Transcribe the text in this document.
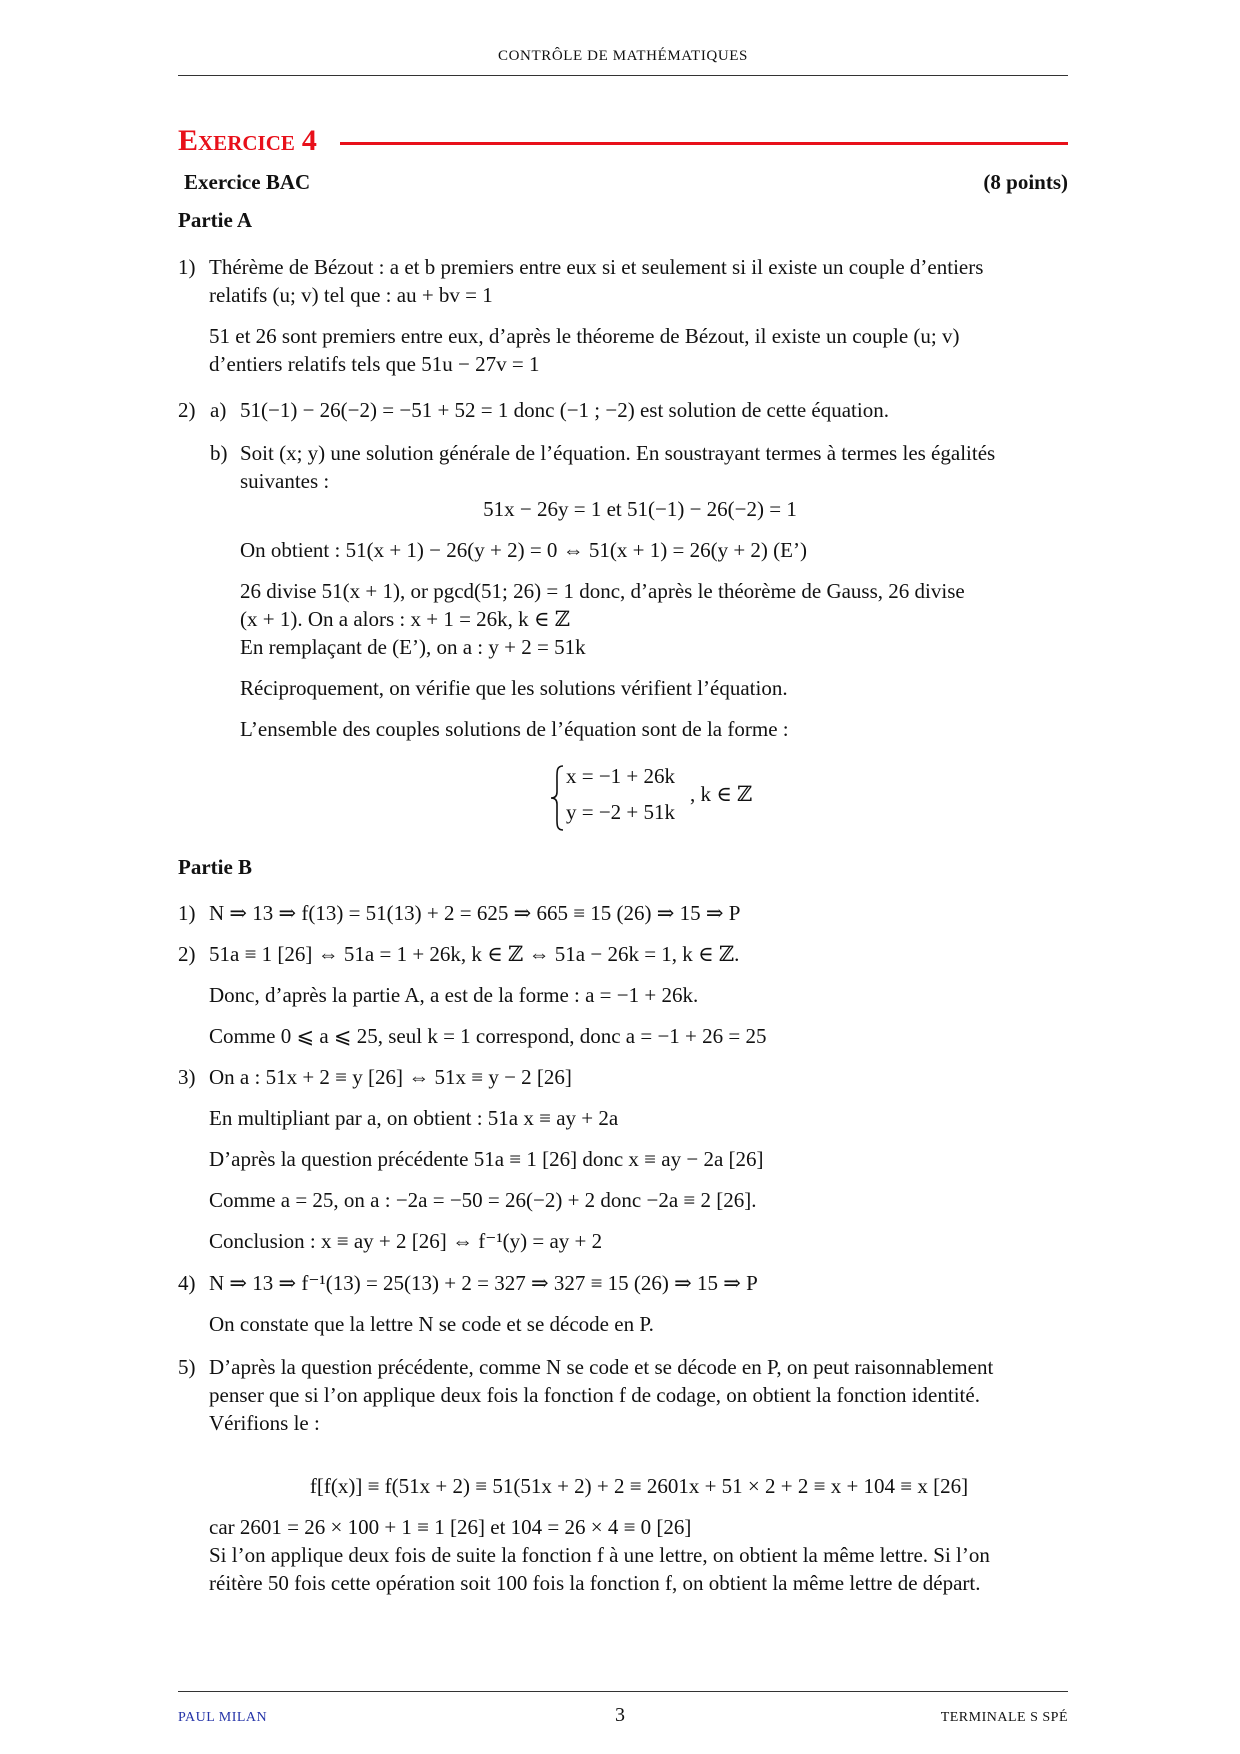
CONTRÔLE DE MATHÉMATIQUES
EXERCICE 4
Exercice BAC	(8 points)
Partie A
1) Thérème de Bézout : a et b premiers entre eux si et seulement si il existe un couple d’entiers
relatifs (u; v) tel que : au + bv = 1
51 et 26 sont premiers entre eux, d’après le théoreme de Bézout, il existe un couple (u; v)
d’entiers relatifs tels que 51u − 27v = 1
2) a) 51(−1) − 26(−2) = −51 + 52 = 1 donc (−1 ; −2) est solution de cette équation.
b) Soit (x; y) une solution générale de l’équation. En soustrayant termes à termes les égalités
suivantes :
51x − 26y = 1 et 51(−1) − 26(−2) = 1
On obtient : 51(x + 1) − 26(y + 2) = 0 ⇔ 51(x + 1) = 26(y + 2) (E’)
26 divise 51(x + 1), or pgcd(51; 26) = 1 donc, d’après le théorème de Gauss, 26 divise
(x + 1). On a alors : x + 1 = 26k, k ∈ ℤ
En remplaçant de (E’), on a : y + 2 = 51k
Réciproquement, on vérifie que les solutions vérifient l’équation.
L’ensemble des couples solutions de l’équation sont de la forme :
x = −1 + 26k
y = −2 + 51k
, k ∈ ℤ
Partie B
1) N ⇒ 13 ⇒ f(13) = 51(13) + 2 = 625 ⇒ 665 ≡ 15 (26) ⇒ 15 ⇒ P
2) 51a ≡ 1 [26] ⇔ 51a = 1 + 26k, k ∈ ℤ ⇔ 51a − 26k = 1, k ∈ ℤ.
Donc, d’après la partie A, a est de la forme : a = −1 + 26k.
Comme 0 ⩽ a ⩽ 25, seul k = 1 correspond, donc a = −1 + 26 = 25
3) On a : 51x + 2 ≡ y [26] ⇔ 51x ≡ y − 2 [26]
En multipliant par a, on obtient : 51a x ≡ ay + 2a
D’après la question précédente 51a ≡ 1 [26] donc x ≡ ay − 2a [26]
Comme a = 25, on a : −2a = −50 = 26(−2) + 2 donc −2a ≡ 2 [26].
Conclusion : x ≡ ay + 2 [26] ⇔ f⁻¹(y) = ay + 2
4) N ⇒ 13 ⇒ f⁻¹(13) = 25(13) + 2 = 327 ⇒ 327 ≡ 15 (26) ⇒ 15 ⇒ P
On constate que la lettre N se code et se décode en P.
5) D’après la question précédente, comme N se code et se décode en P, on peut raisonnablement
penser que si l’on applique deux fois la fonction f de codage, on obtient la fonction identité.
Vérifions le :
f[f(x)] ≡ f(51x + 2) ≡ 51(51x + 2) + 2 ≡ 2601x + 51 × 2 + 2 ≡ x + 104 ≡ x [26]
car 2601 = 26 × 100 + 1 ≡ 1 [26] et 104 = 26 × 4 ≡ 0 [26]
Si l’on applique deux fois de suite la fonction f à une lettre, on obtient la même lettre. Si l’on
réitère 50 fois cette opération soit 100 fois la fonction f, on obtient la même lettre de départ.
PAUL MILAN	3	TERMINALE S SPÉ
